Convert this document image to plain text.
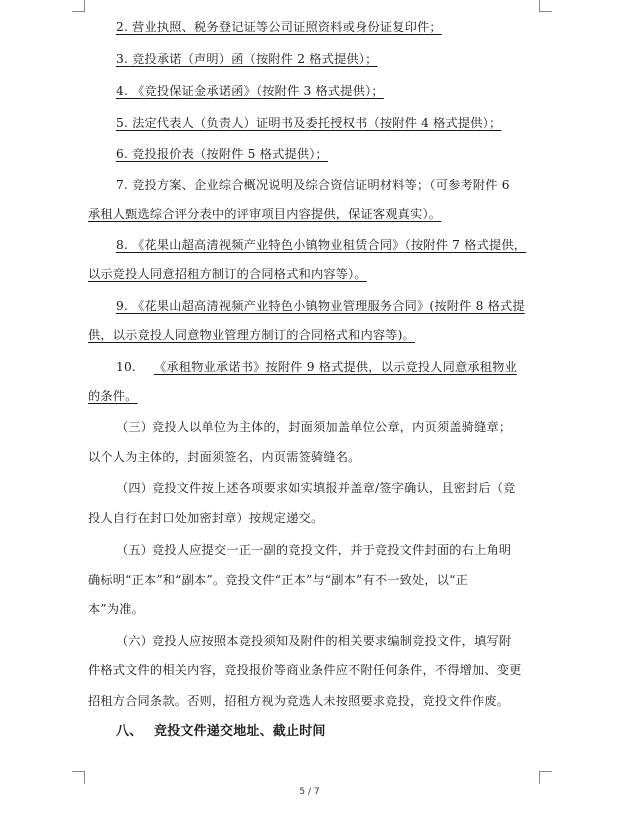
2. 营业执照、税务登记证等公司证照资料或身份证复印件；
3. 竞投承诺（声明）函（按附件 2 格式提供）；
4. 《竞投保证金承诺函》（按附件 3 格式提供）；
5. 法定代表人（负责人）证明书及委托授权书（按附件 4 格式提供）；
6. 竞投报价表（按附件 5 格式提供）；
7. 竞投方案、企业综合概况说明及综合资信证明材料等；（可参考附件 6
承租人甄选综合评分表中的评审项目内容提供，保证客观真实）。
8. 《花果山超高清视频产业特色小镇物业租赁合同》（按附件 7 格式提供，
以示竞投人同意招租方制订的合同格式和内容等）。
9. 《花果山超高清视频产业特色小镇物业管理服务合同》(按附件 8 格式提
供，以示竞投人同意物业管理方制订的合同格式和内容等)。
10. 《承租物业承诺书》按附件 9 格式提供，以示竞投人同意承租物业
的条件。
（三）竞投人以单位为主体的，封面须加盖单位公章，内页须盖骑缝章；
以个人为主体的，封面须签名，内页需签骑缝名。
（四）竞投文件按上述各项要求如实填报并盖章/签字确认，且密封后（竞
投人自行在封口处加密封章）按规定递交。
（五）竞投人应提交一正一副的竞投文件，并于竞投文件封面的右上角明
确标明“正本”和“副本”。竞投文件“正本”与“副本”有不一致处，以“正
本”为准。
（六）竞投人应按照本竞投须知及附件的相关要求编制竞投文件，填写附
件格式文件的相关内容，竞投报价等商业条件应不附任何条件，不得增加、变更
招租方合同条款。否则，招租方视为竞选人未按照要求竞投，竞投文件作废。
八、 竞投文件递交地址、截止时间
5 / 7
